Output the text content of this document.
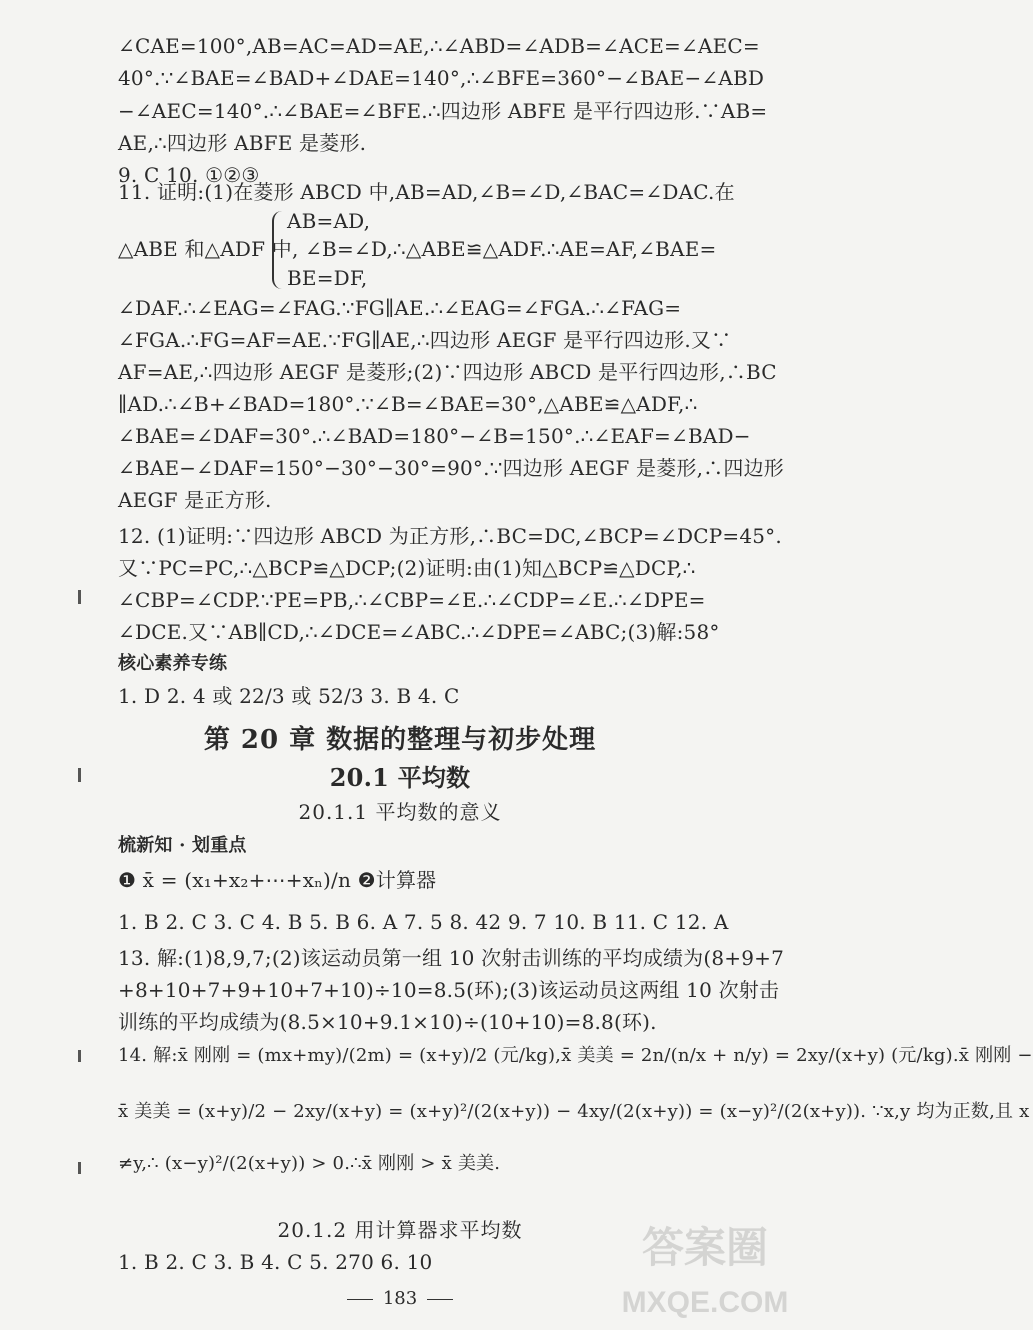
∠CAE=100°,AB=AC=AD=AE,∴∠ABD=∠ADB=∠ACE=∠AEC=
40°.∵∠BAE=∠BAD+∠DAE=140°,∴∠BFE=360°−∠BAE−∠ABD
−∠AEC=140°.∴∠BAE=∠BFE.∴四边形 ABFE 是平行四边形.∵AB=
AE,∴四边形 ABFE 是菱形.
9. C 10. ①②③
11. 证明:(1)在菱形 ABCD 中,AB=AD,∠B=∠D,∠BAC=∠DAC.在
AB=AD,
△ABE 和△ADF 中, ∠B=∠D,∴△ABE≌△ADF.∴AE=AF,∠BAE=
BE=DF,
∠DAF.∴∠EAG=∠FAG.∵FG∥AE.∴∠EAG=∠FGA.∴∠FAG=
∠FGA.∴FG=AF=AE.∵FG∥AE,∴四边形 AEGF 是平行四边形.又∵
AF=AE,∴四边形 AEGF 是菱形;(2)∵四边形 ABCD 是平行四边形,∴BC
∥AD.∴∠B+∠BAD=180°.∵∠B=∠BAE=30°,△ABE≌△ADF,∴
∠BAE=∠DAF=30°.∴∠BAD=180°−∠B=150°.∴∠EAF=∠BAD−
∠BAE−∠DAF=150°−30°−30°=90°.∵四边形 AEGF 是菱形,∴四边形
AEGF 是正方形.
12. (1)证明:∵四边形 ABCD 为正方形,∴BC=DC,∠BCP=∠DCP=45°.
又∵PC=PC,∴△BCP≌△DCP;(2)证明:由(1)知△BCP≌△DCP,∴
∠CBP=∠CDP.∵PE=PB,∴∠CBP=∠E.∴∠CDP=∠E.∴∠DPE=
∠DCE.又∵AB∥CD,∴∠DCE=∠ABC.∴∠DPE=∠ABC;(3)解:58°
核心素养专练
1. D 2. 4 或 22/3 或 52/3 3. B 4. C
第 20 章 数据的整理与初步处理
20.1 平均数
20.1.1 平均数的意义
梳新知 · 划重点
❶ x̄ = (x₁+x₂+⋯+xₙ)/n ❷计算器
1. B 2. C 3. C 4. B 5. B 6. A 7. 5 8. 42 9. 7 10. B 11. C 12. A
13. 解:(1)8,9,7;(2)该运动员第一组 10 次射击训练的平均成绩为(8+9+7
+8+10+7+9+10+7+10)÷10=8.5(环);(3)该运动员这两组 10 次射击
训练的平均成绩为(8.5×10+9.1×10)÷(10+10)=8.8(环).
14. 解:x̄ 刚刚 = (mx+my)/(2m) = (x+y)/2 (元/kg),x̄ 美美 = 2n/(n/x + n/y) = 2xy/(x+y) (元/kg).x̄ 刚刚 −
x̄ 美美 = (x+y)/2 − 2xy/(x+y) = (x+y)²/(2(x+y)) − 4xy/(2(x+y)) = (x−y)²/(2(x+y)). ∵x,y 均为正数,且 x
≠y,∴ (x−y)²/(2(x+y)) > 0.∴x̄ 刚刚 > x̄ 美美.
20.1.2 用计算器求平均数
1. B 2. C 3. B 4. C 5. 270 6. 10
183
答案圈
MXQE.COM
